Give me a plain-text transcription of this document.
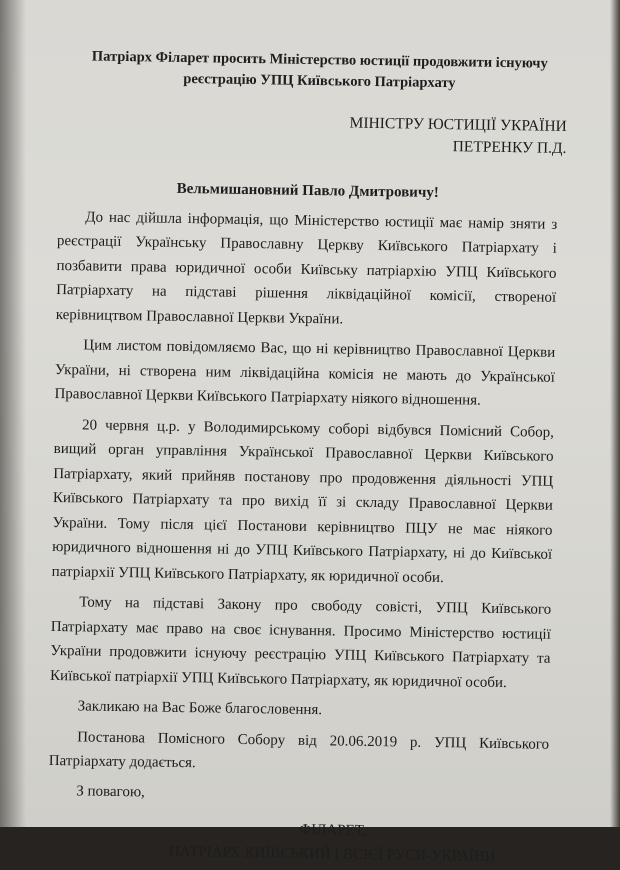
Патріарх Філарет просить Міністерство юстиції продовжити існуючу реєстрацію УПЦ Київського Патріархату
МІНІСТРУ ЮСТИЦІЇ УКРАЇНИ
ПЕТРЕНКУ П.Д.
Вельмишановний Павло Дмитровичу!

До нас дійшла інформація, що Міністерство юстиції має намір зняти з реєстрації Українську Православну Церкву Київського Патріархату і позбавити права юридичної особи Київську патріархію УПЦ Київського Патріархату на підставі рішення ліквідаційної комісії, створеної керівництвом Православної Церкви України.

Цим листом повідомляємо Вас, що ні керівництво Православної Церкви України, ні створена ним ліквідаційна комісія не мають до Української Православної Церкви Київського Патріархату ніякого відношення.

20 червня ц.р. у Володимирському соборі відбувся Помісний Собор, вищий орган управління Української Православної Церкви Київського Патріархату, який прийняв постанову про продовження діяльності УПЦ Київського Патріархату та про вихід її зі складу Православної Церкви України. Тому після цієї Постанови керівництво ПЦУ не має ніякого юридичного відношення ні до УПЦ Київського Патріархату, ні до Київської патріархії УПЦ Київського Патріархату, як юридичної особи.

Тому на підставі Закону про свободу совісті, УПЦ Київського Патріархату має право на своє існування. Просимо Міністерство юстиції України продовжити існуючу реєстрацію УПЦ Київського Патріархату та Київської патріархії УПЦ Київського Патріархату, як юридичної особи.

Закликаю на Вас Боже благословення.

Постанова Помісного Собору від 20.06.2019 р. УПЦ Київського Патріархату додається.

З повагою,
ФІЛАРЕТ,
ПАТРІАРХ КИЇВСЬКИЙ І ВСІЄЇ РУСИ-УКРАЇНИ
